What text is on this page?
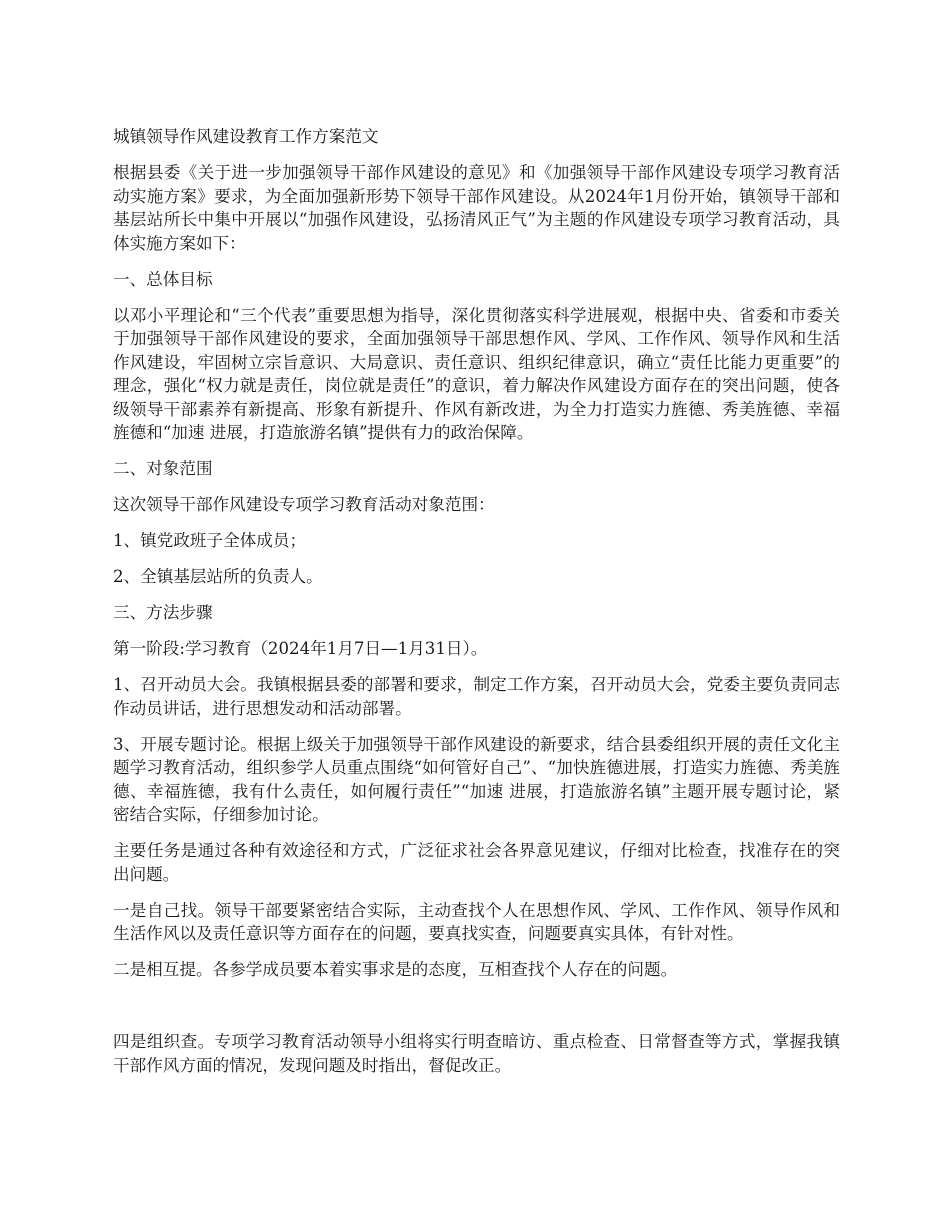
城镇领导作风建设教育工作方案范文

根据县委《关于进一步加强领导干部作风建设的意见》和《加强领导干部作风建设专项学习教育活动实施方案》要求，为全面加强新形势下领导干部作风建设。从2024年1月份开始，镇领导干部和基层站所长中集中开展以“加强作风建设，弘扬清风正气”为主题的作风建设专项学习教育活动，具体实施方案如下：

一、总体目标

以邓小平理论和“三个代表”重要思想为指导，深化贯彻落实科学进展观，根据中央、省委和市委关于加强领导干部作风建设的要求，全面加强领导干部思想作风、学风、工作作风、领导作风和生活作风建设，牢固树立宗旨意识、大局意识、责任意识、组织纪律意识，确立“责任比能力更重要”的理念，强化“权力就是责任，岗位就是责任”的意识，着力解决作风建设方面存在的突出问题，使各级领导干部素养有新提高、形象有新提升、作风有新改进，为全力打造实力旌德、秀美旌德、幸福旌德和“加速 进展，打造旅游名镇”提供有力的政治保障。

二、对象范围

这次领导干部作风建设专项学习教育活动对象范围：

1、镇党政班子全体成员；

2、全镇基层站所的负责人。

三、方法步骤

第一阶段:学习教育（2024年1月7日—1月31日）。

1、召开动员大会。我镇根据县委的部署和要求，制定工作方案，召开动员大会，党委主要负责同志作动员讲话，进行思想发动和活动部署。

3、开展专题讨论。根据上级关于加强领导干部作风建设的新要求，结合县委组织开展的责任文化主题学习教育活动，组织参学人员重点围绕“如何管好自己”、“加快旌德进展，打造实力旌德、秀美旌德、幸福旌德，我有什么责任，如何履行责任”“加速 进展，打造旅游名镇”主题开展专题讨论，紧密结合实际，仔细参加讨论。

主要任务是通过各种有效途径和方式，广泛征求社会各界意见建议，仔细对比检查，找准存在的突出问题。

一是自己找。领导干部要紧密结合实际，主动查找个人在思想作风、学风、工作作风、领导作风和生活作风以及责任意识等方面存在的问题，要真找实查，问题要真实具体，有针对性。

二是相互提。各参学成员要本着实事求是的态度，互相查找个人存在的问题。

四是组织查。专项学习教育活动领导小组将实行明查暗访、重点检查、日常督查等方式，掌握我镇干部作风方面的情况，发现问题及时指出，督促改正。
